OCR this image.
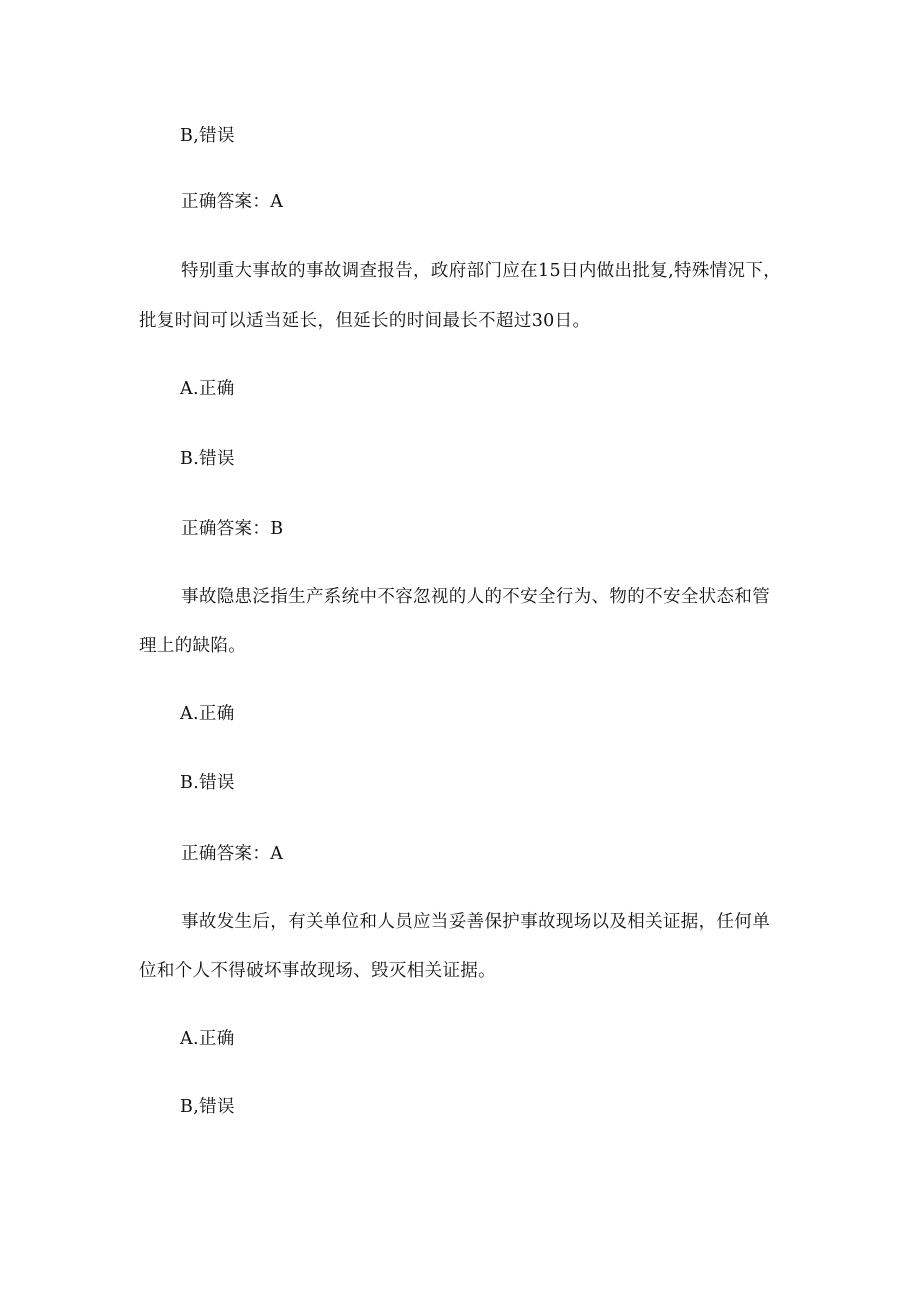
B,错误
正确答案：A
特别重大事故的事故调查报告，政府部门应在15日内做出批复,特殊情况下，
批复时间可以适当延长，但延长的时间最长不超过30日。
A.正确
B.错误
正确答案：B
事故隐患泛指生产系统中不容忽视的人的不安全行为、物的不安全状态和管
理上的缺陷。
A.正确
B.错误
正确答案：A
事故发生后，有关单位和人员应当妥善保护事故现场以及相关证据，任何单
位和个人不得破坏事故现场、毁灭相关证据。
A.正确
B,错误
